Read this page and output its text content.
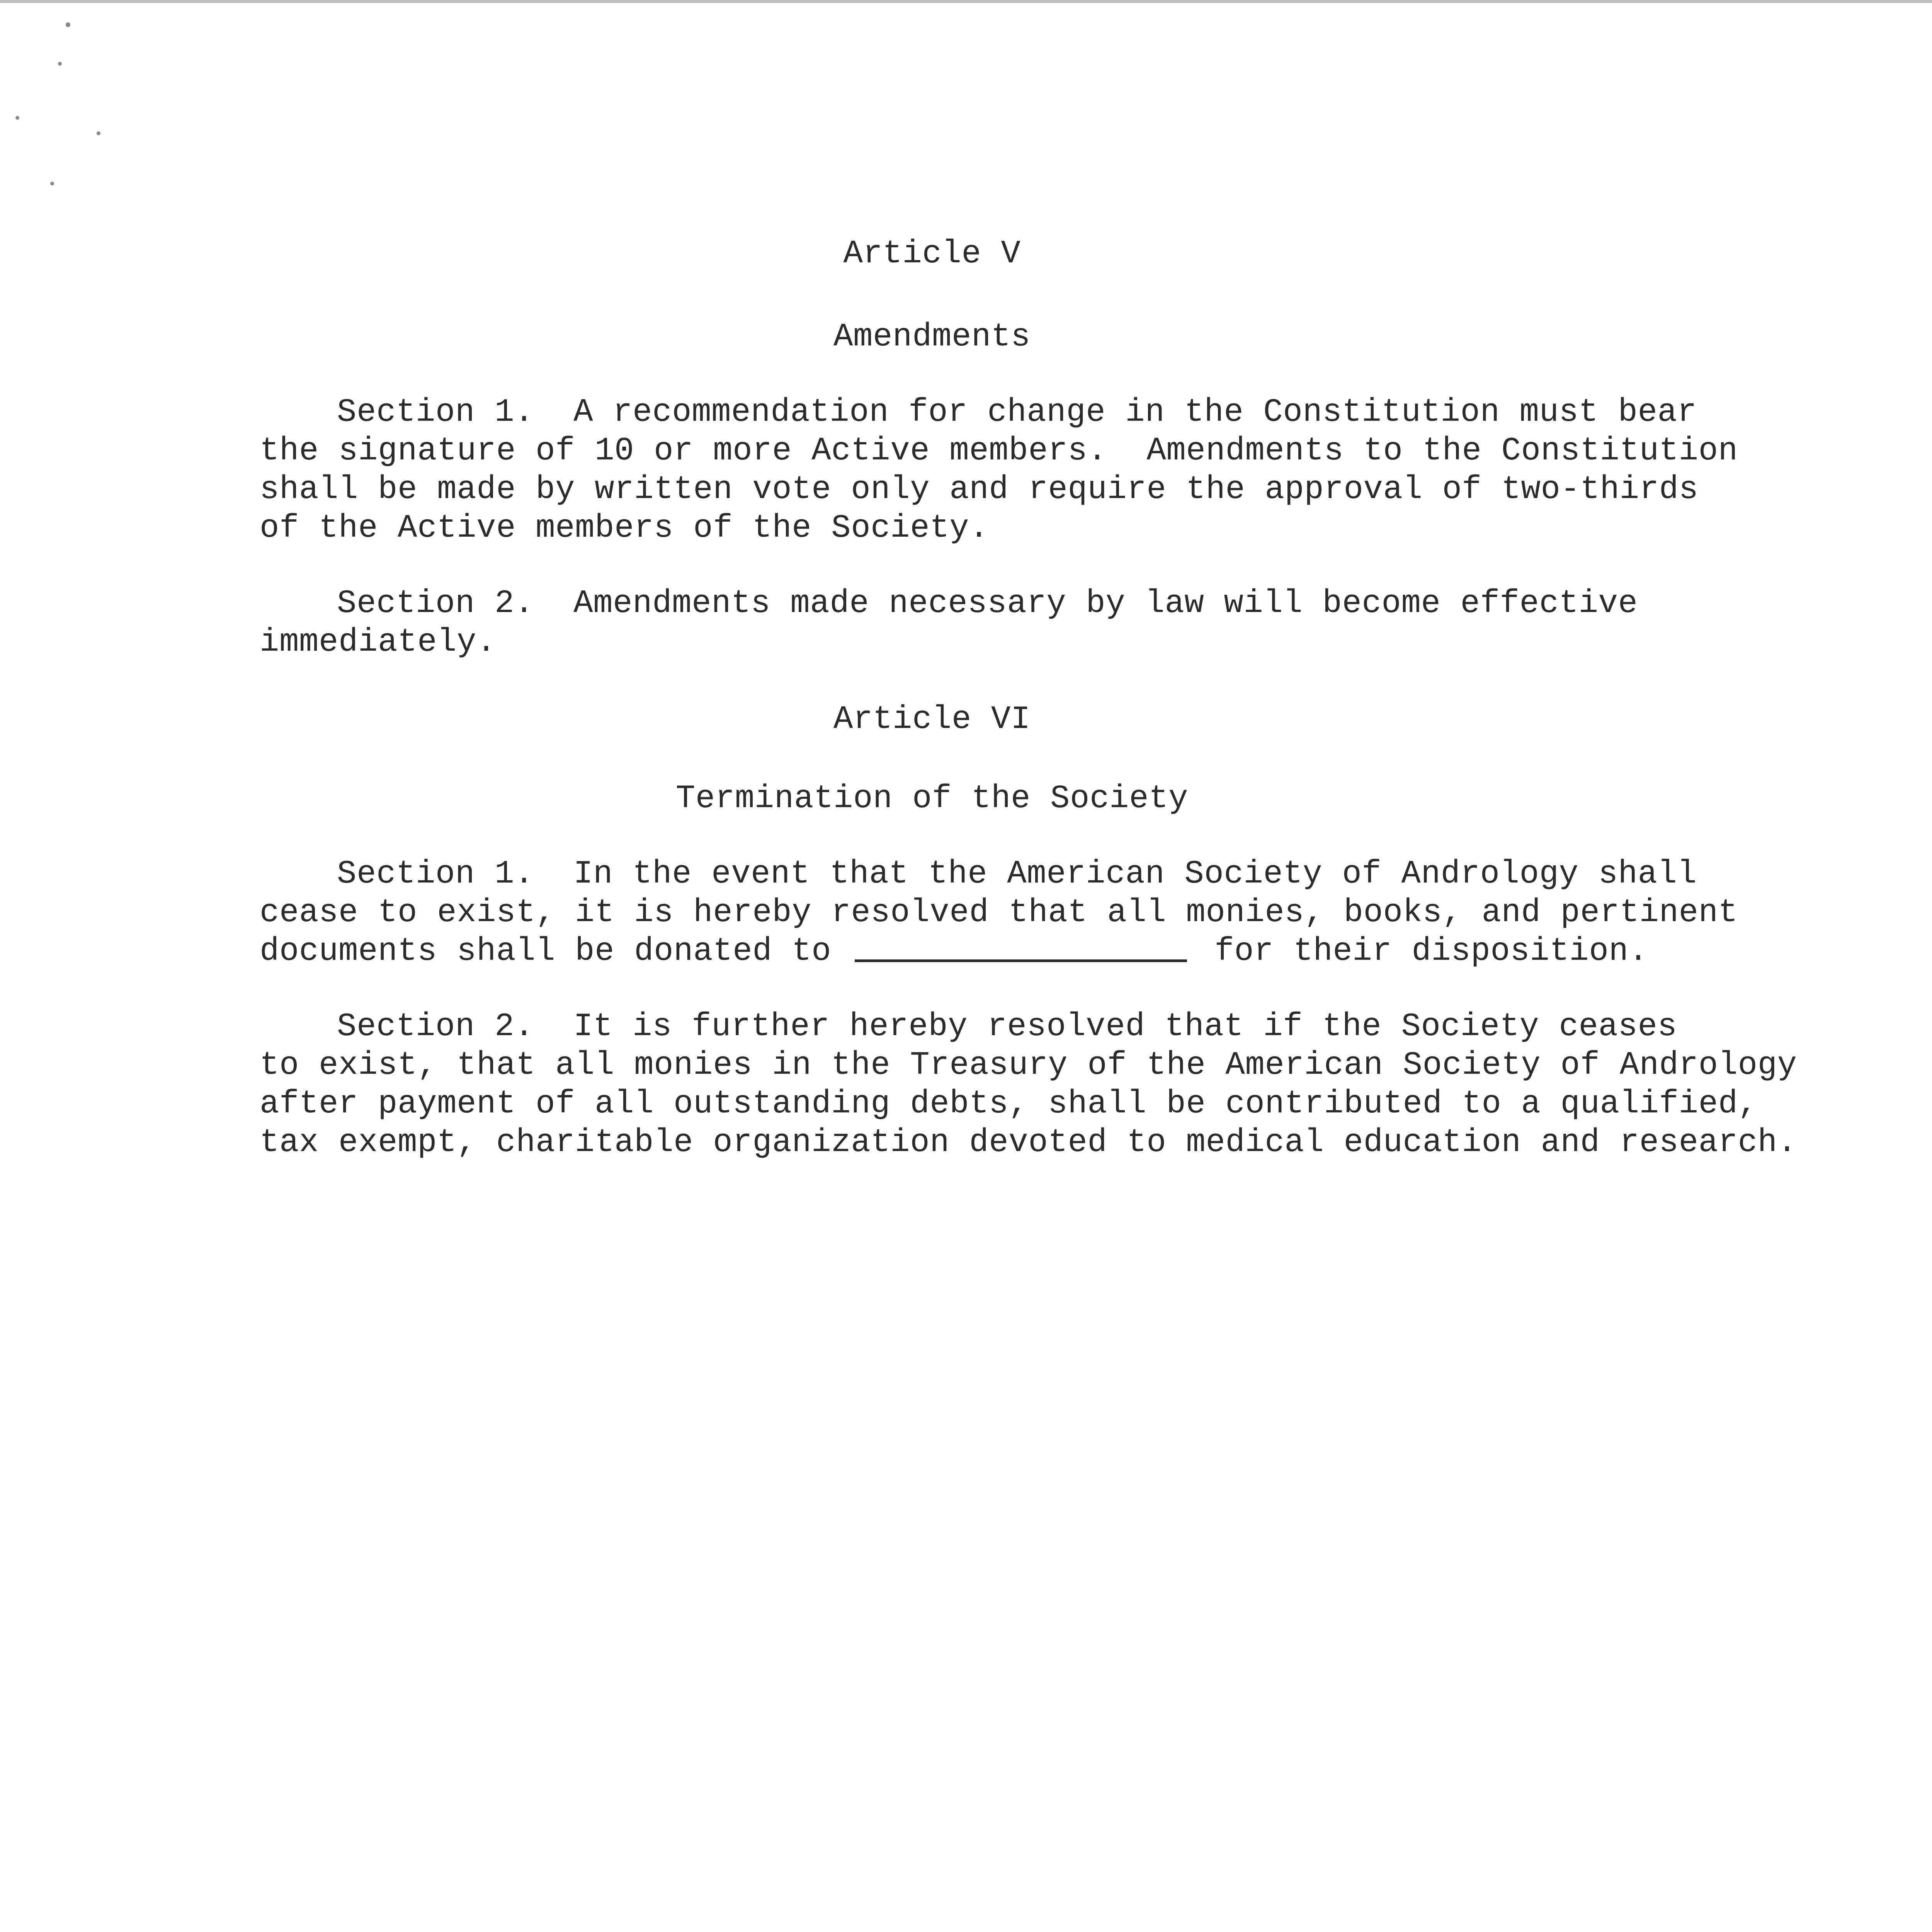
Article V
Amendments
Section 1.  A recommendation for change in the Constitution must bear
the signature of 10 or more Active members.  Amendments to the Constitution
shall be made by written vote only and require the approval of two-thirds
of the Active members of the Society.
Section 2.  Amendments made necessary by law will become effective
immediately.
Article VI
Termination of the Society
Section 1.  In the event that the American Society of Andrology shall
cease to exist, it is hereby resolved that all monies, books, and pertinent
documents shall be donated to	for their disposition.
Section 2.  It is further hereby resolved that if the Society ceases
to exist, that all monies in the Treasury of the American Society of Andrology
after payment of all outstanding debts, shall be contributed to a qualified,
tax exempt, charitable organization devoted to medical education and research.
